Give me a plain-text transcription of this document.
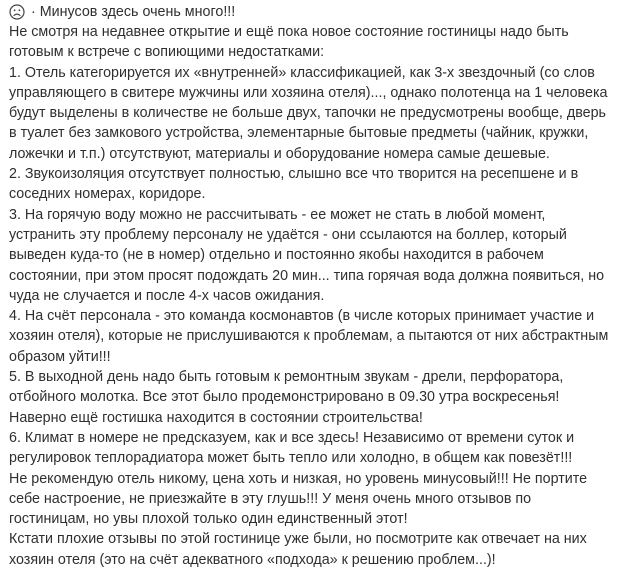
· Минусов здесь очень много!!!
Не смотря на недавнее открытие и ещё пока новое состояние гостиницы надо быть
готовым к встрече с вопиющими недостатками:
1. Отель категорируется их «внутренней» классификацией, как 3-х звездочный (со слов
управляющего в свитере мужчины или хозяина отеля)..., однако полотенца на 1 человека
будут выделены в количестве не больше двух, тапочки не предусмотрены вообще, дверь
в туалет без замкового устройства, элементарные бытовые предметы (чайник, кружки,
ложечки и т.п.) отсутствуют, материалы и оборудование номера самые дешевые.
2. Звукоизоляция отсутствует полностью, слышно все что творится на ресепшене и в
соседних номерах, коридоре.
3. На горячую воду можно не рассчитывать - ее может не стать в любой момент,
устранить эту проблему персоналу не удаётся - они ссылаются на боллер, который
выведен куда-то (не в номер) отдельно и постоянно якобы находится в рабочем
состоянии, при этом просят подождать 20 мин... типа горячая вода должна появиться, но
чуда не случается и после 4-х часов ожидания.
4. На счёт персонала - это команда космонавтов (в числе которых принимает участие и
хозяин отеля), которые не прислушиваются к проблемам, а пытаются от них абстрактным
образом уйти!!!
5. В выходной день надо быть готовым к ремонтным звукам - дрели, перфоратора,
отбойного молотка. Все этот было продемонстрировано в 09.30 утра воскресенья!
Наверно ещё гостишка находится в состоянии строительства!
6. Климат в номере не предсказуем, как и все здесь! Независимо от времени суток и
регулировок теплорадиатора может быть тепло или холодно, в общем как повезёт!!!
Не рекомендую отель никому, цена хоть и низкая, но уровень минусовый!!! Не портите
себе настроение, не приезжайте в эту глушь!!! У меня очень много отзывов по
гостиницам, но увы плохой только один единственный этот!
Кстати плохие отзывы по этой гостинице уже были, но посмотрите как отвечает на них
хозяин отеля (это на счёт адекватного «подхода» к решению проблем...)!
